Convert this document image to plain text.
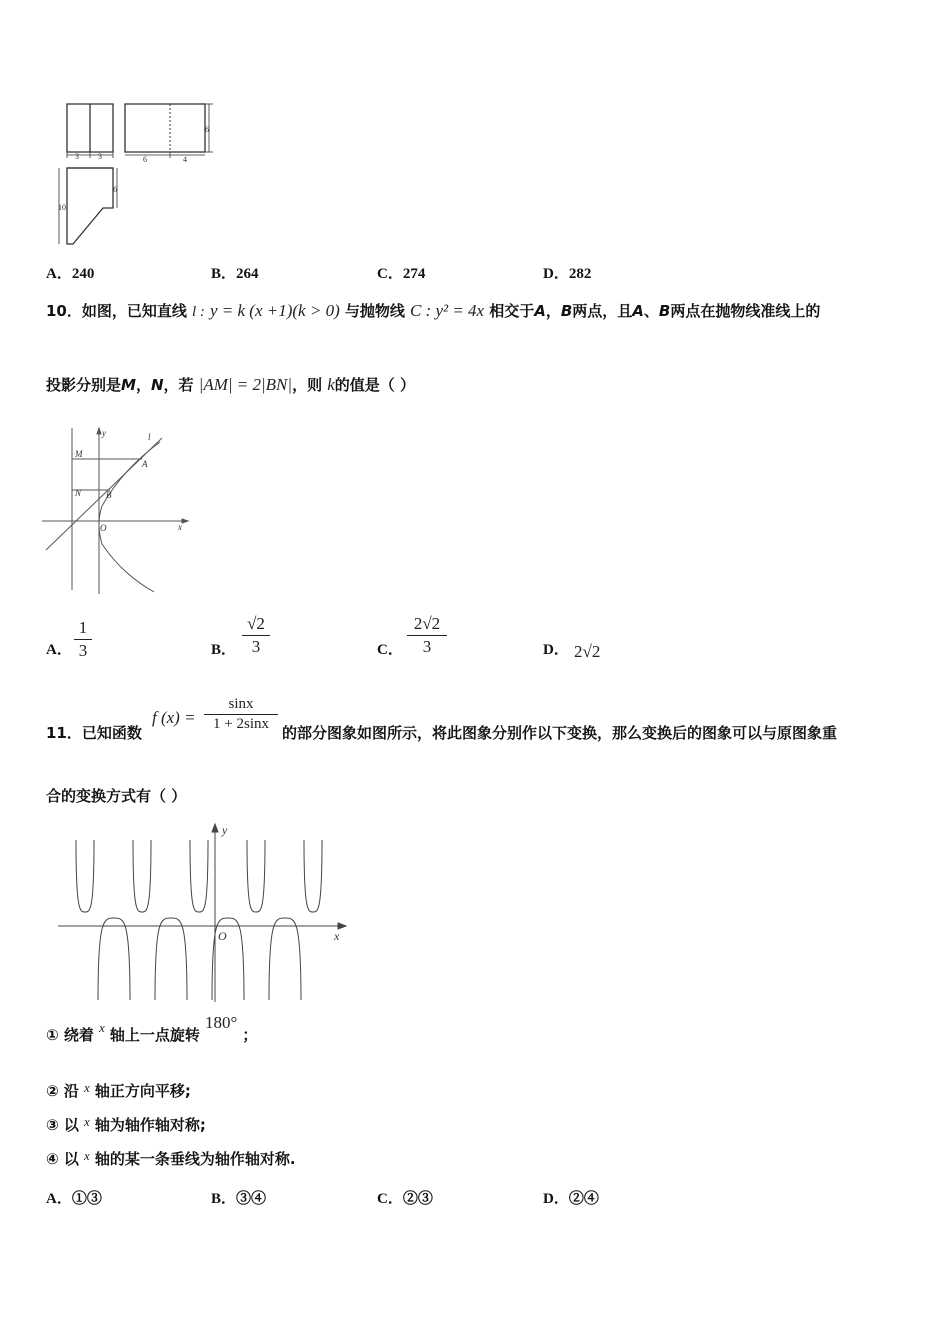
3 3	6	4
6
6
10
A．240	B．264	C．274	D．282
10．如图，已知直线 l : y = k (x +1)(k > 0) 与抛物线 C : y² = 4x 相交于A，B两点，且A、B两点在抛物线准线上的
投影分别是M，N，若 |AM| = 2|BN|，则 k的值是（ ）
y
x
l
M
A
N	B
O
A．
1
3	B．
√2
3	C．
2√2
3	D． 2√2
11．已知函数
f (x) =
sinx
1 + 2sinx 的部分图象如图所示，将此图象分别作以下变换，那么变换后的图象可以与原图象重
合的变换方式有（ ）
y
x
O
① 绕着 $^x$ 轴上一点旋转 180° ；
② 沿 $^x$ 轴正方向平移;
③ 以 $^x$ 轴为轴作轴对称;
④ 以 $^x$ 轴的某一条垂线为轴作轴对称.
A．①③	B．③④	C．②③	D．②④
